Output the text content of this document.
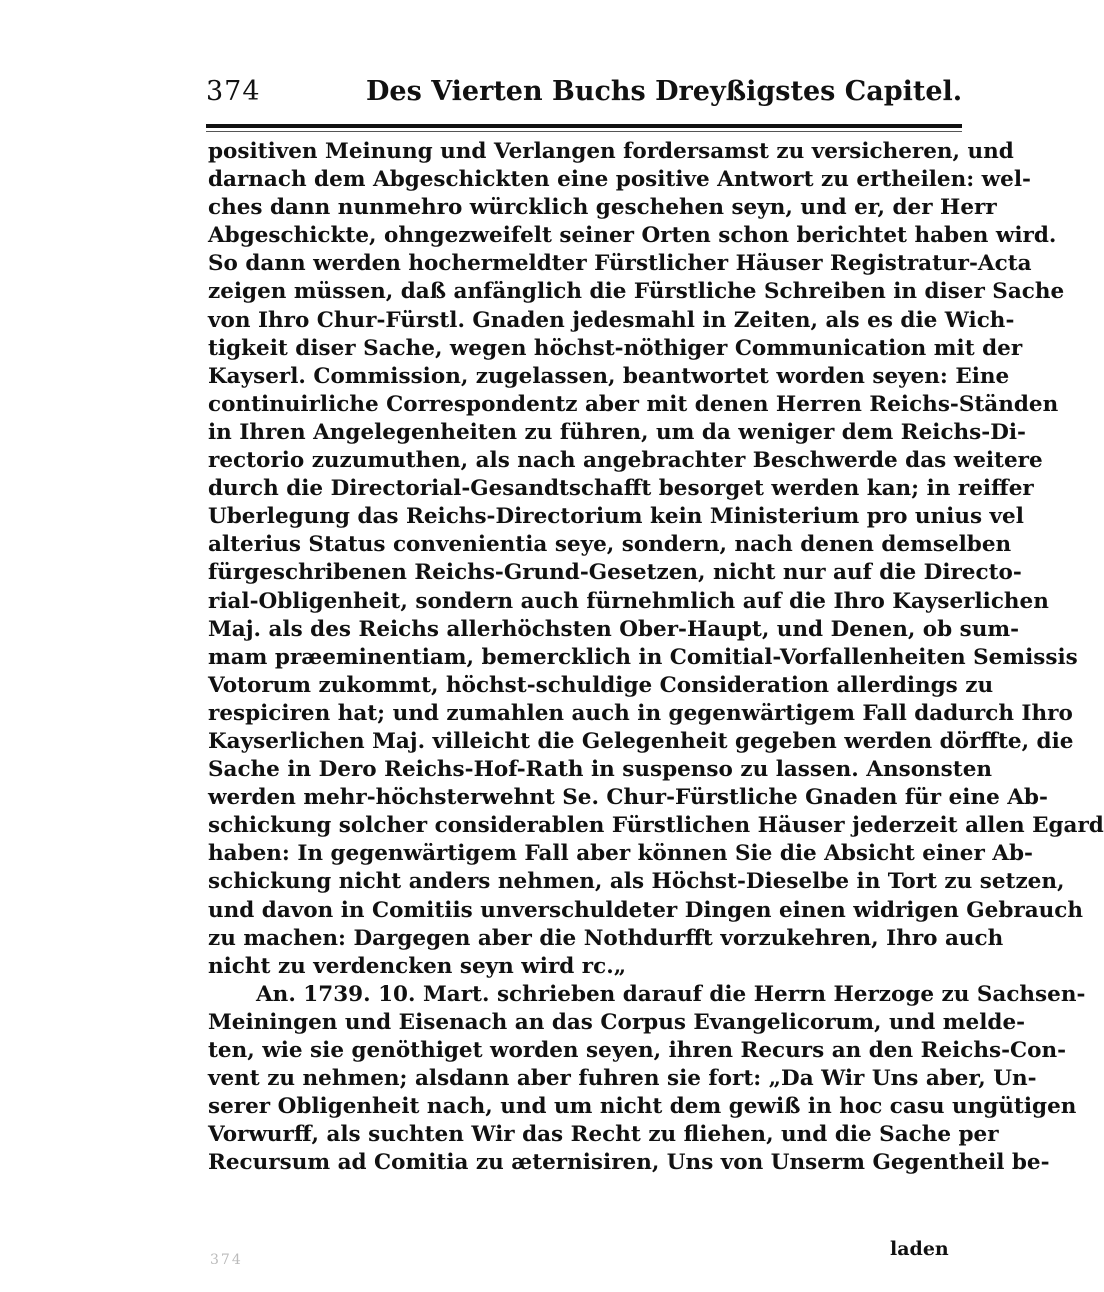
374	Des Vierten Buchs Dreyßigstes Capitel.
positiven Meinung und Verlangen fordersamst zu versicheren, und
darnach dem Abgeschickten eine positive Antwort zu ertheilen: wel-
ches dann nunmehro würcklich geschehen seyn, und er, der Herr
Abgeschickte, ohngezweifelt seiner Orten schon berichtet haben wird.
So dann werden hochermeldter Fürstlicher Häuser Registratur-Acta
zeigen müssen, daß anfänglich die Fürstliche Schreiben in diser Sache
von Ihro Chur-Fürstl. Gnaden jedesmahl in Zeiten, als es die Wich-
tigkeit diser Sache, wegen höchst-nöthiger Communication mit der
Kayserl. Commission, zugelassen, beantwortet worden seyen: Eine
continuirliche Correspondentz aber mit denen Herren Reichs-Ständen
in Ihren Angelegenheiten zu führen, um da weniger dem Reichs-Di-
rectorio zuzumuthen, als nach angebrachter Beschwerde das weitere
durch die Directorial-Gesandtschafft besorget werden kan; in reiffer
Uberlegung das Reichs-Directorium kein Ministerium pro unius vel
alterius Status convenientia seye, sondern, nach denen demselben
fürgeschribenen Reichs-Grund-Gesetzen, nicht nur auf die Directo-
rial-Obligenheit, sondern auch fürnehmlich auf die Ihro Kayserlichen
Maj. als des Reichs allerhöchsten Ober-Haupt, und Denen, ob sum-
mam præeminentiam, bemercklich in Comitial-Vorfallenheiten Semissis
Votorum zukommt, höchst-schuldige Consideration allerdings zu
respiciren hat; und zumahlen auch in gegenwärtigem Fall dadurch Ihro
Kayserlichen Maj. villeicht die Gelegenheit gegeben werden dörffte, die
Sache in Dero Reichs-Hof-Rath in suspenso zu lassen. Ansonsten
werden mehr-höchsterwehnt Se. Chur-Fürstliche Gnaden für eine Ab-
schickung solcher considerablen Fürstlichen Häuser jederzeit allen Egard
haben: In gegenwärtigem Fall aber können Sie die Absicht einer Ab-
schickung nicht anders nehmen, als Höchst-Dieselbe in Tort zu setzen,
und davon in Comitiis unverschuldeter Dingen einen widrigen Gebrauch
zu machen: Dargegen aber die Nothdurfft vorzukehren, Ihro auch
nicht zu verdencken seyn wird rc.„
An. 1739. 10. Mart. schrieben darauf die Herrn Herzoge zu Sachsen-
Meiningen und Eisenach an das Corpus Evangelicorum, und melde-
ten, wie sie genöthiget worden seyen, ihren Recurs an den Reichs-Con-
vent zu nehmen; alsdann aber fuhren sie fort: „Da Wir Uns aber, Un-
serer Obligenheit nach, und um nicht dem gewiß in hoc casu ungütigen
Vorwurff, als suchten Wir das Recht zu fliehen, und die Sache per
Recursum ad Comitia zu æternisiren, Uns von Unserm Gegentheil be-
laden
374
